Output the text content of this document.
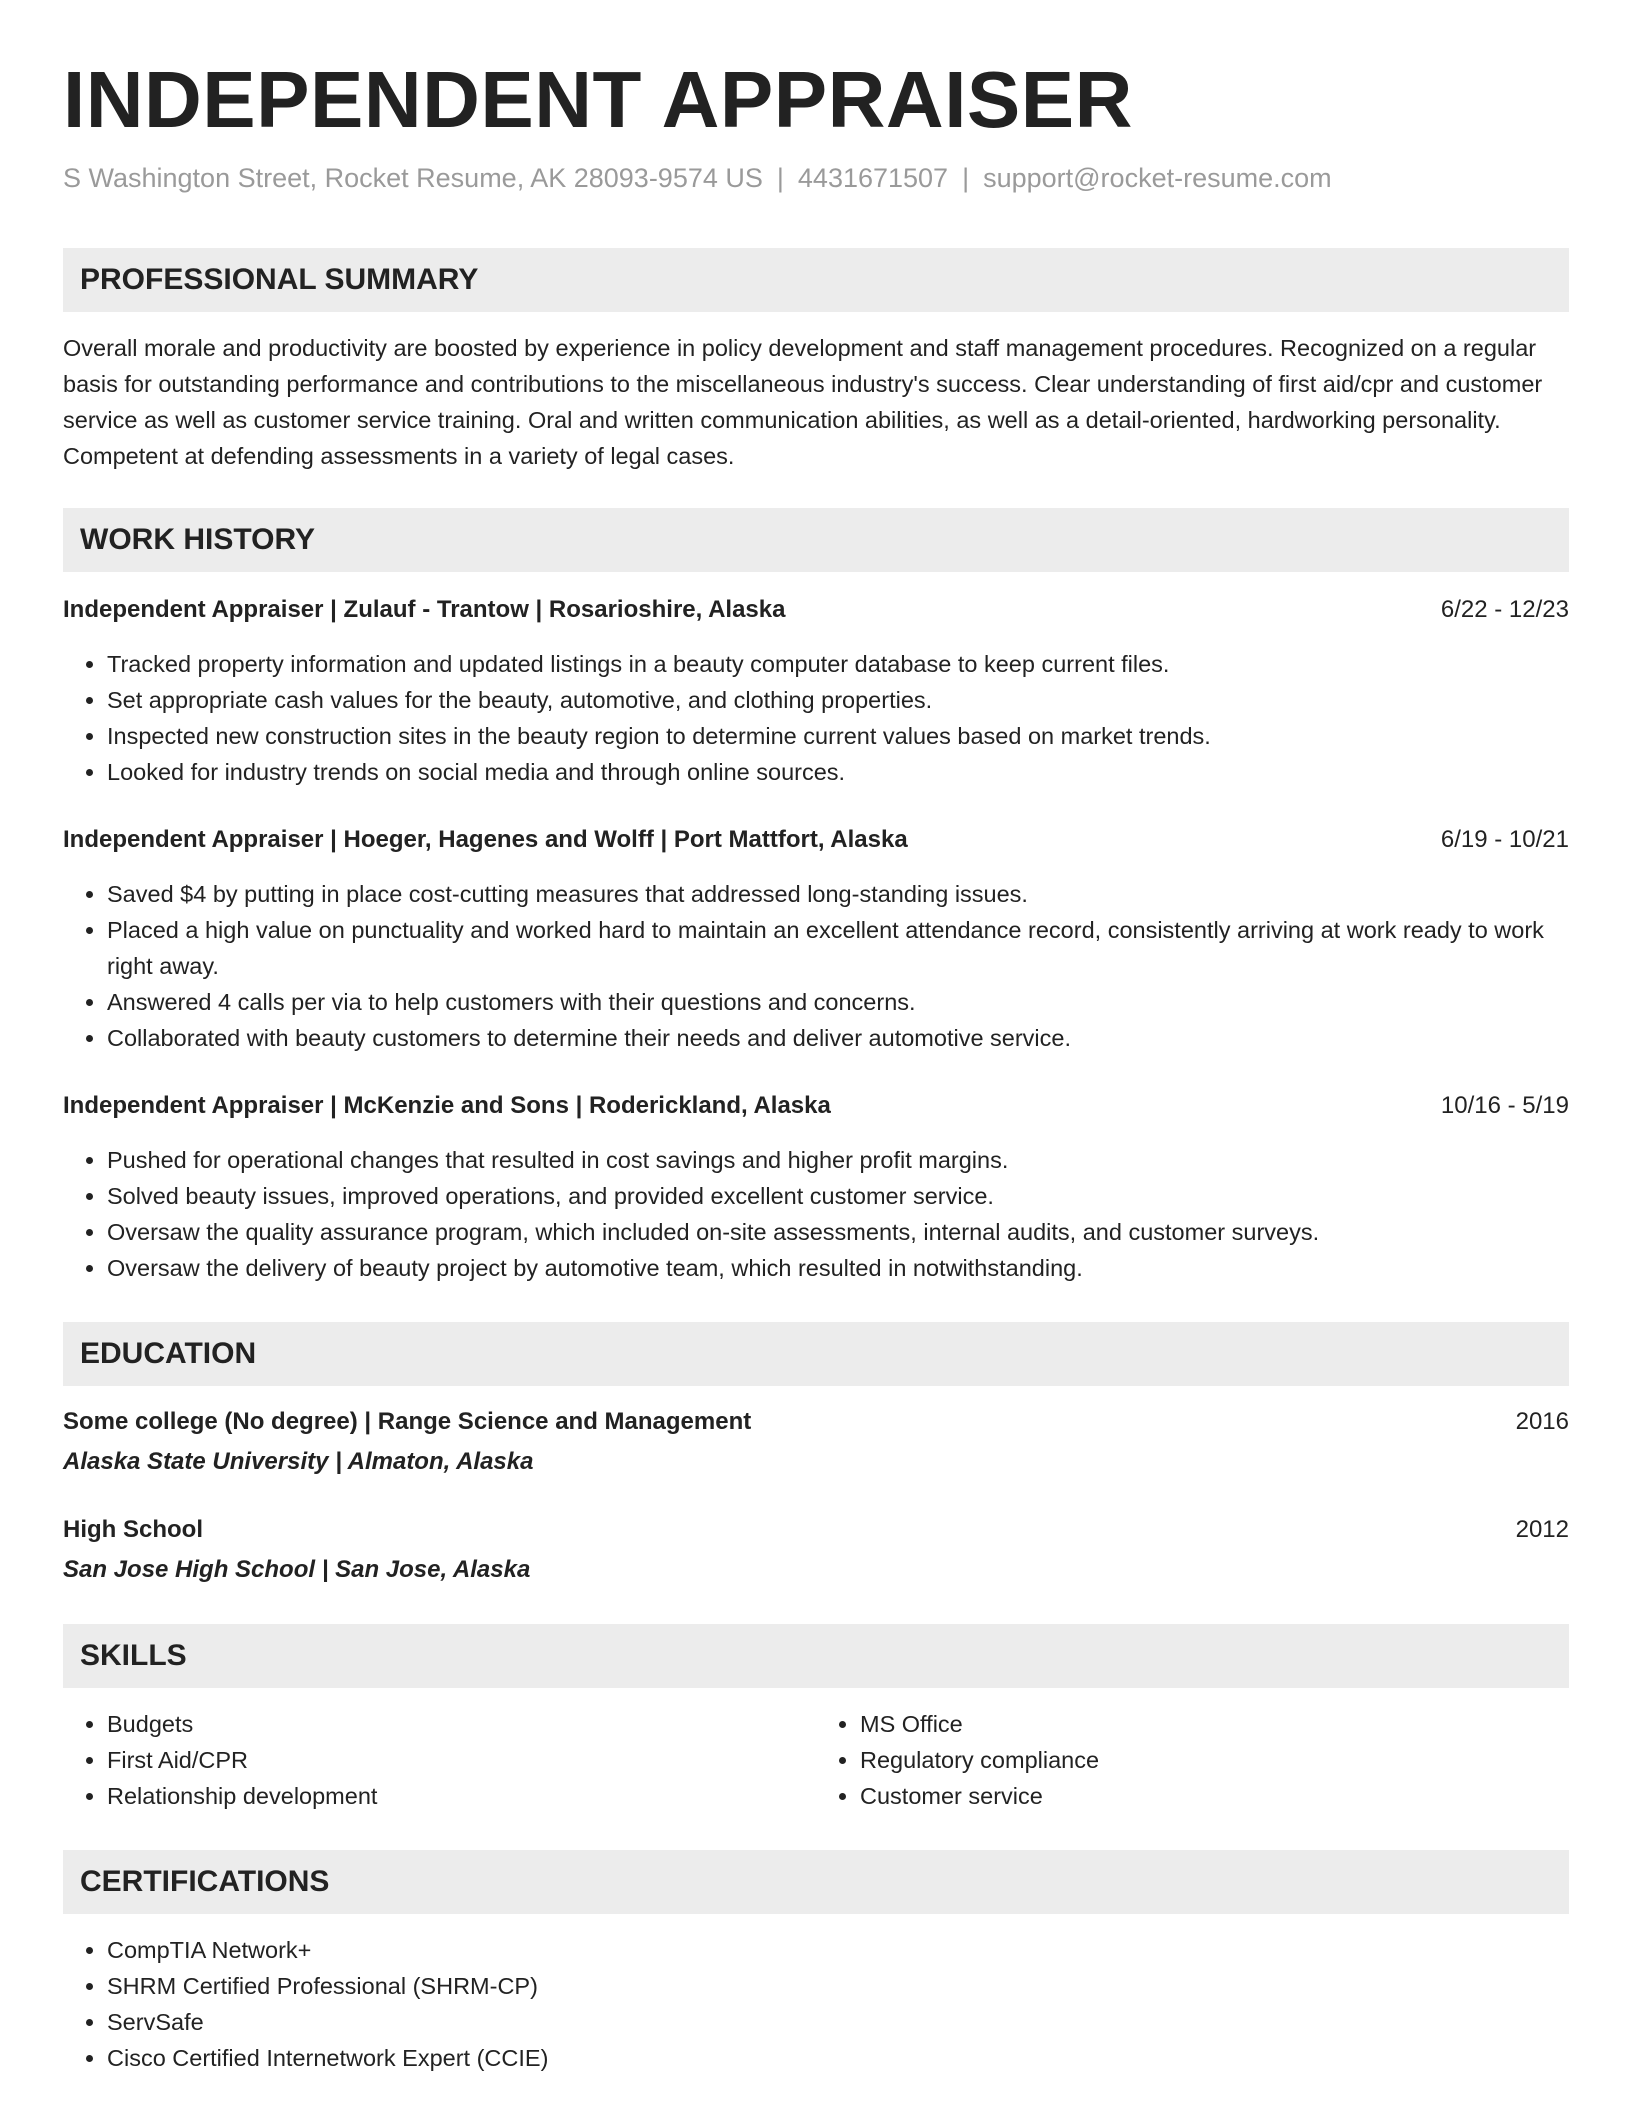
INDEPENDENT APPRAISER
S Washington Street, Rocket Resume, AK 28093-9574 US | 4431671507 | support@rocket-resume.com
PROFESSIONAL SUMMARY
Overall morale and productivity are boosted by experience in policy development and staff management procedures. Recognized on a regular basis for outstanding performance and contributions to the miscellaneous industry's success. Clear understanding of first aid/cpr and customer service as well as customer service training. Oral and written communication abilities, as well as a detail-oriented, hardworking personality. Competent at defending assessments in a variety of legal cases.
WORK HISTORY
Independent Appraiser | Zulauf - Trantow | Rosarioshire, Alaska	6/22 - 12/23
• Tracked property information and updated listings in a beauty computer database to keep current files.
• Set appropriate cash values for the beauty, automotive, and clothing properties.
• Inspected new construction sites in the beauty region to determine current values based on market trends.
• Looked for industry trends on social media and through online sources.
Independent Appraiser | Hoeger, Hagenes and Wolff | Port Mattfort, Alaska	6/19 - 10/21
• Saved $4 by putting in place cost-cutting measures that addressed long-standing issues.
• Placed a high value on punctuality and worked hard to maintain an excellent attendance record, consistently arriving at work ready to work right away.
• Answered 4 calls per via to help customers with their questions and concerns.
• Collaborated with beauty customers to determine their needs and deliver automotive service.
Independent Appraiser | McKenzie and Sons | Roderickland, Alaska	10/16 - 5/19
• Pushed for operational changes that resulted in cost savings and higher profit margins.
• Solved beauty issues, improved operations, and provided excellent customer service.
• Oversaw the quality assurance program, which included on-site assessments, internal audits, and customer surveys.
• Oversaw the delivery of beauty project by automotive team, which resulted in notwithstanding.
EDUCATION
Some college (No degree) | Range Science and Management	2016
Alaska State University | Almaton, Alaska
High School	2012
San Jose High School | San Jose, Alaska
SKILLS
• Budgets
• First Aid/CPR
• Relationship development
• MS Office
• Regulatory compliance
• Customer service
CERTIFICATIONS
• CompTIA Network+
• SHRM Certified Professional (SHRM-CP)
• ServSafe
• Cisco Certified Internetwork Expert (CCIE)
